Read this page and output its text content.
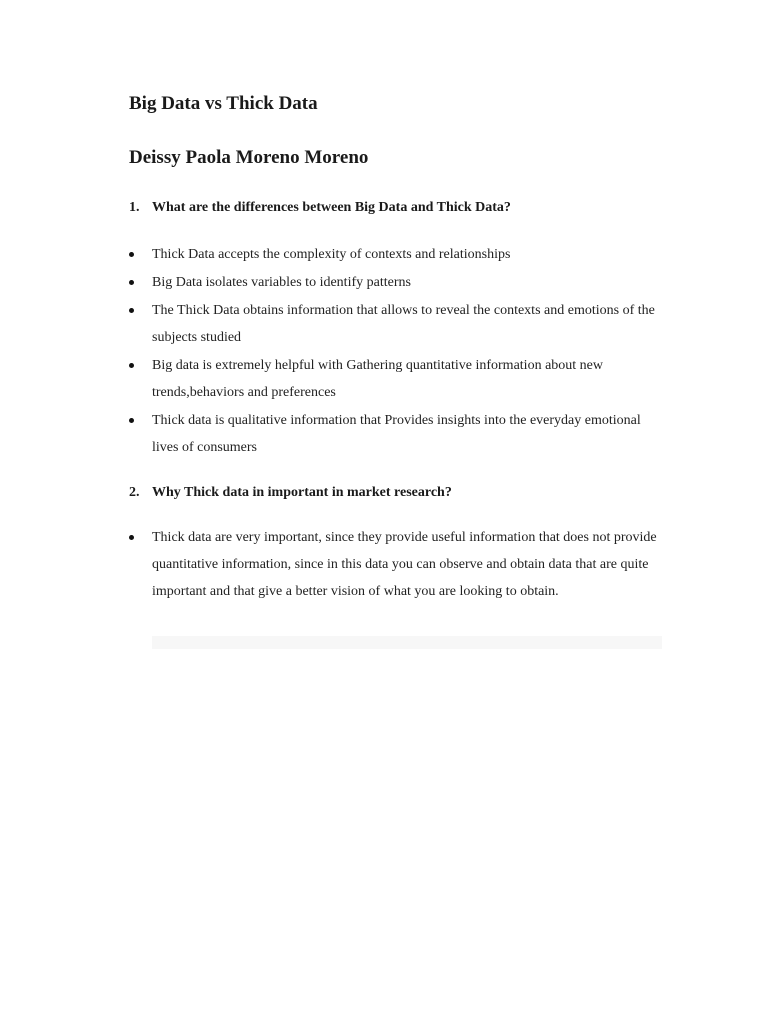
Big Data vs Thick Data
Deissy Paola Moreno Moreno

1. What are the differences between Big Data and Thick Data?

Thick Data accepts the complexity of contexts and relationships
Big Data isolates variables to identify patterns
The Thick Data obtains information that allows to reveal the contexts and emotions of the subjects studied
Big data is extremely helpful with Gathering quantitative information about new trends,behaviors and preferences
Thick data is qualitative information that Provides insights into the everyday emotional lives of consumers

2. Why Thick data in important in market research?

Thick data are very important, since they provide useful information that does not provide quantitative information, since in this data you can observe and obtain data that are quite important and that give a better vision of what you are looking to obtain.
